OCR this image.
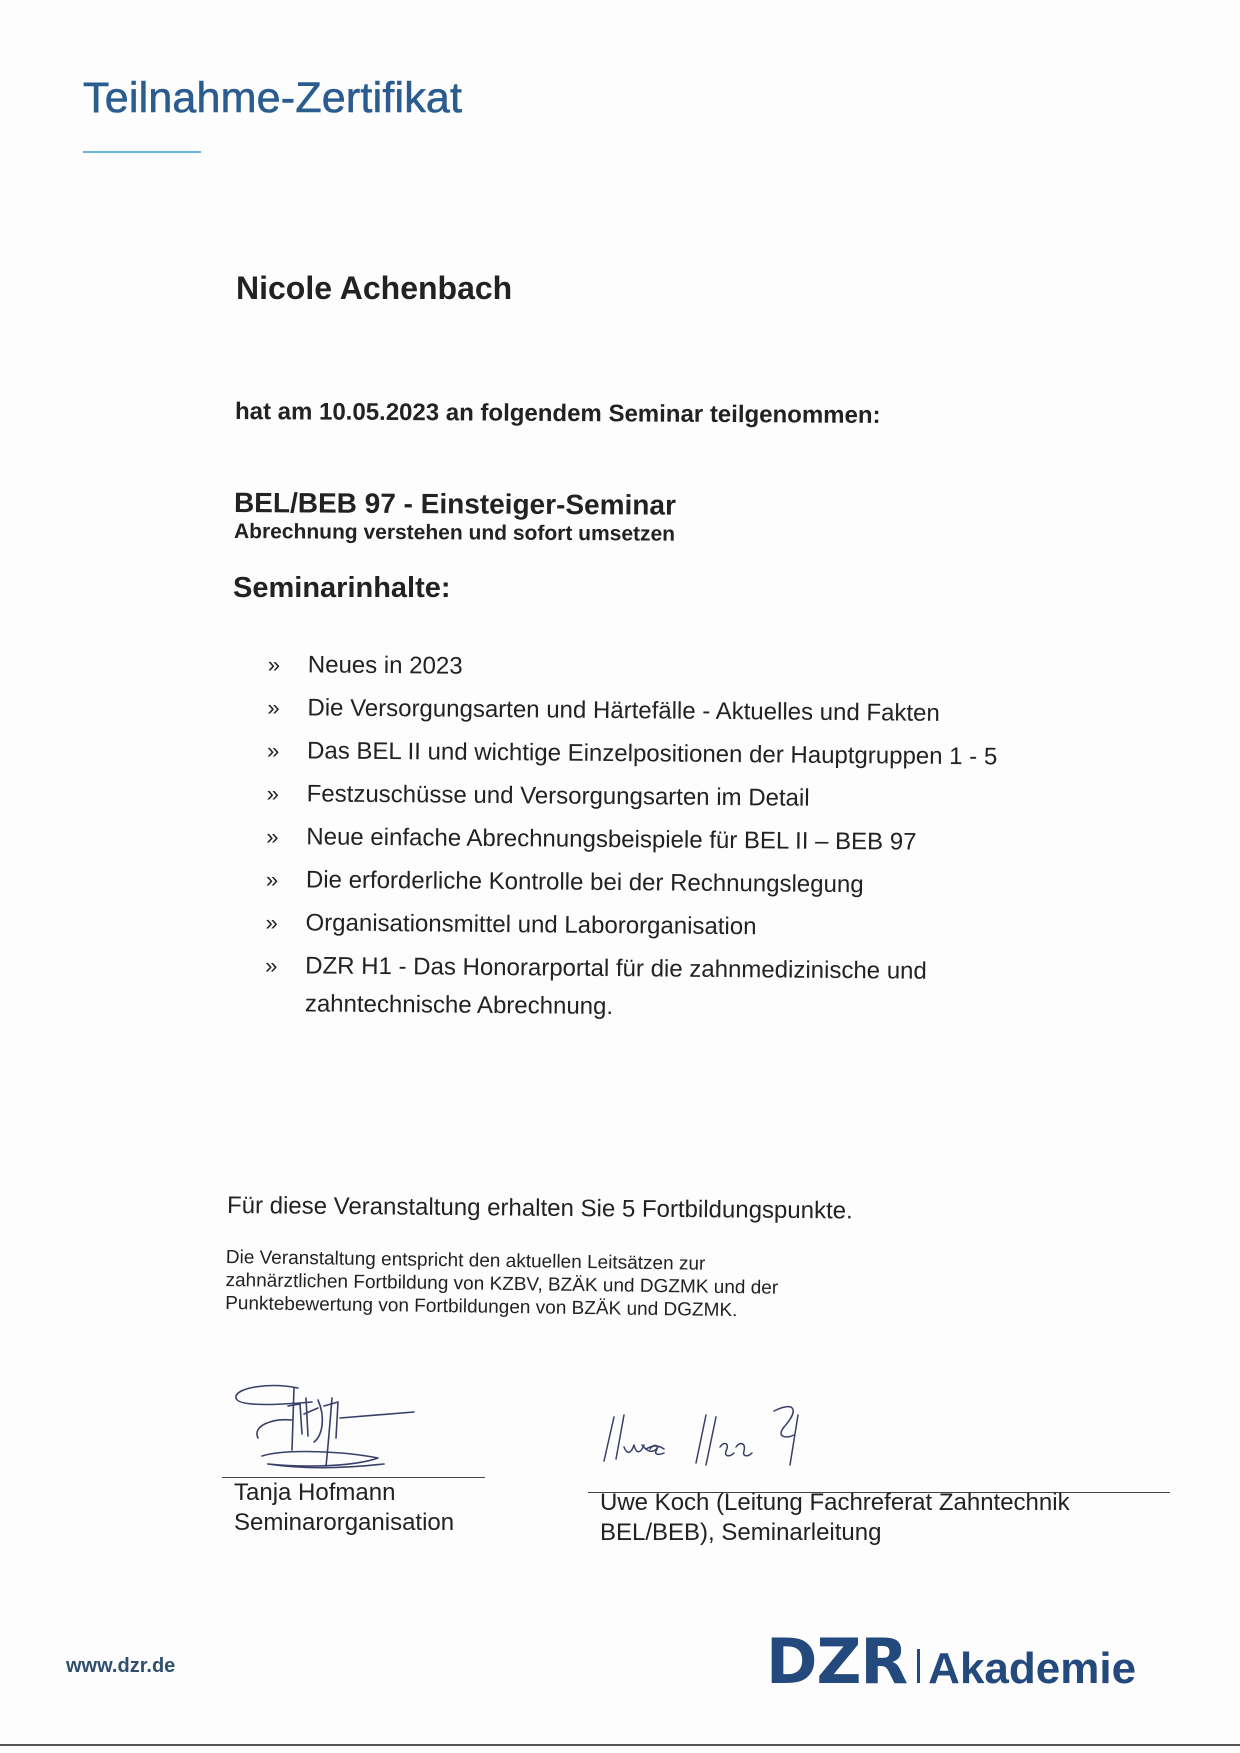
Teilnahme-Zertifikat
Nicole Achenbach
hat am 10.05.2023 an folgendem Seminar teilgenommen:
BEL/BEB 97 - Einsteiger-Seminar
Abrechnung verstehen und sofort umsetzen
Seminarinhalte:
» Neues in 2023
» Die Versorgungsarten und Härtefälle - Aktuelles und Fakten
» Das BEL II und wichtige Einzelpositionen der Hauptgruppen 1 - 5
» Festzuschüsse und Versorgungsarten im Detail
» Neue einfache Abrechnungsbeispiele für BEL II – BEB 97
» Die erforderliche Kontrolle bei der Rechnungslegung
» Organisationsmittel und Labororganisation
» DZR H1 - Das Honorarportal für die zahnmedizinische und
zahntechnische Abrechnung.
Für diese Veranstaltung erhalten Sie 5 Fortbildungspunkte.
Die Veranstaltung entspricht den aktuellen Leitsätzen zur
zahnärztlichen Fortbildung von KZBV, BZÄK und DGZMK und der
Punktebewertung von Fortbildungen von BZÄK und DGZMK.
Tanja Hofmann
Seminarorganisation
Uwe Koch
Uwe Koch (Leitung Fachreferat Zahntechnik
BEL/BEB), Seminarleitung
www.dzr.de	DZR Akademie
